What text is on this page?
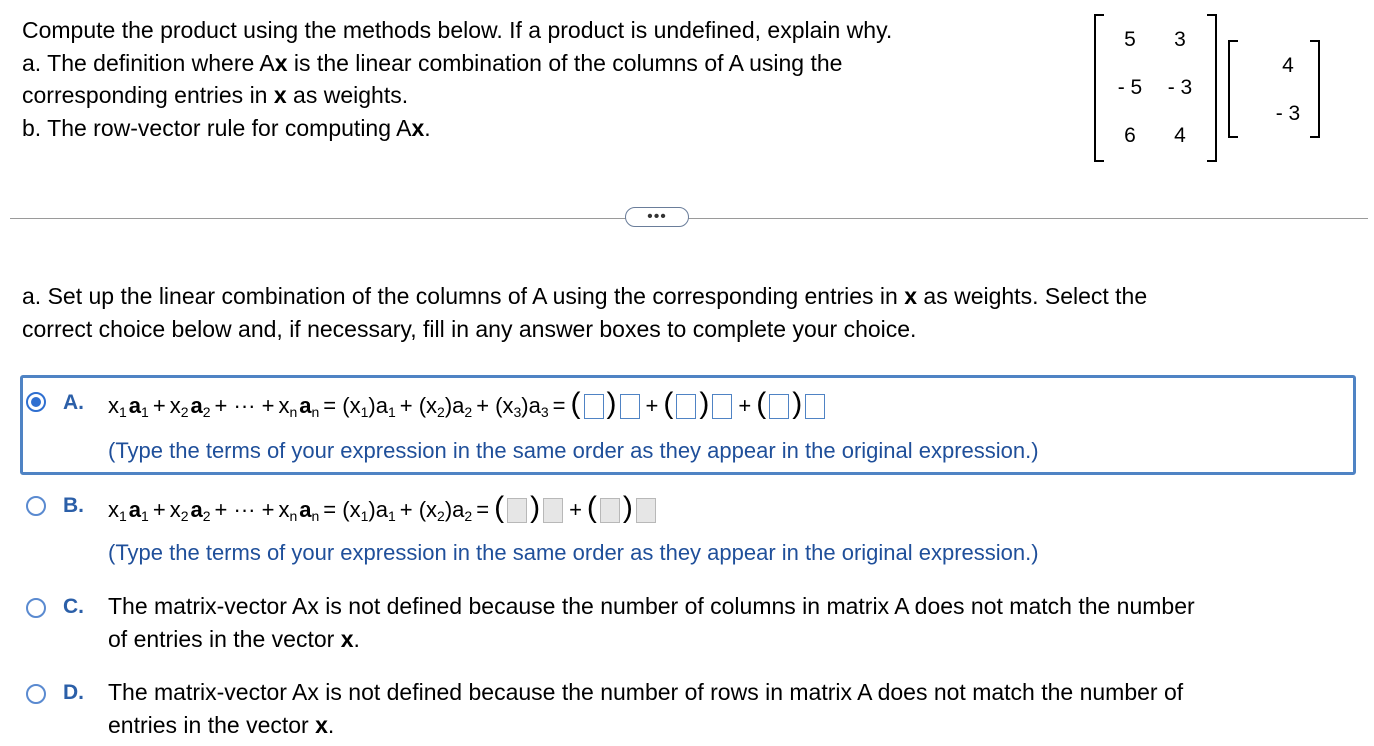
Compute the product using the methods below. If a product is undefined, explain why.
a. The definition where Ax is the linear combination of the columns of A using the
corresponding entries in x as weights.
b. The row-vector rule for computing Ax.
5	3
- 5	- 3
6	4
4
- 3
•••
a. Set up the linear combination of the columns of A using the corresponding entries in x as weights. Select the
correct choice below and, if necessary, fill in any answer boxes to complete your choice.
A. $x_1$ $a_1 + x_2$ $a_2$ + ··· + $x_n$ $a_n = (x_1$ )$a_1 + (x_2$ )$a_2 + (x_3$ )$a_3$ = ( ) + ( ) + ( )
(Type the terms of your expression in the same order as they appear in the original expression.)
B. $x_1$ $a_1 + x_2$ $a_2$ + ··· + $x_n$ $a_n = (x_1$ )$a_1 + (x_2$ )$a_2$ = ( ) + ( )
(Type the terms of your expression in the same order as they appear in the original expression.)
C. The matrix-vector Ax is not defined because the number of columns in matrix A does not match the number
of entries in the vector x.
D. The matrix-vector Ax is not defined because the number of rows in matrix A does not match the number of
entries in the vector x.
